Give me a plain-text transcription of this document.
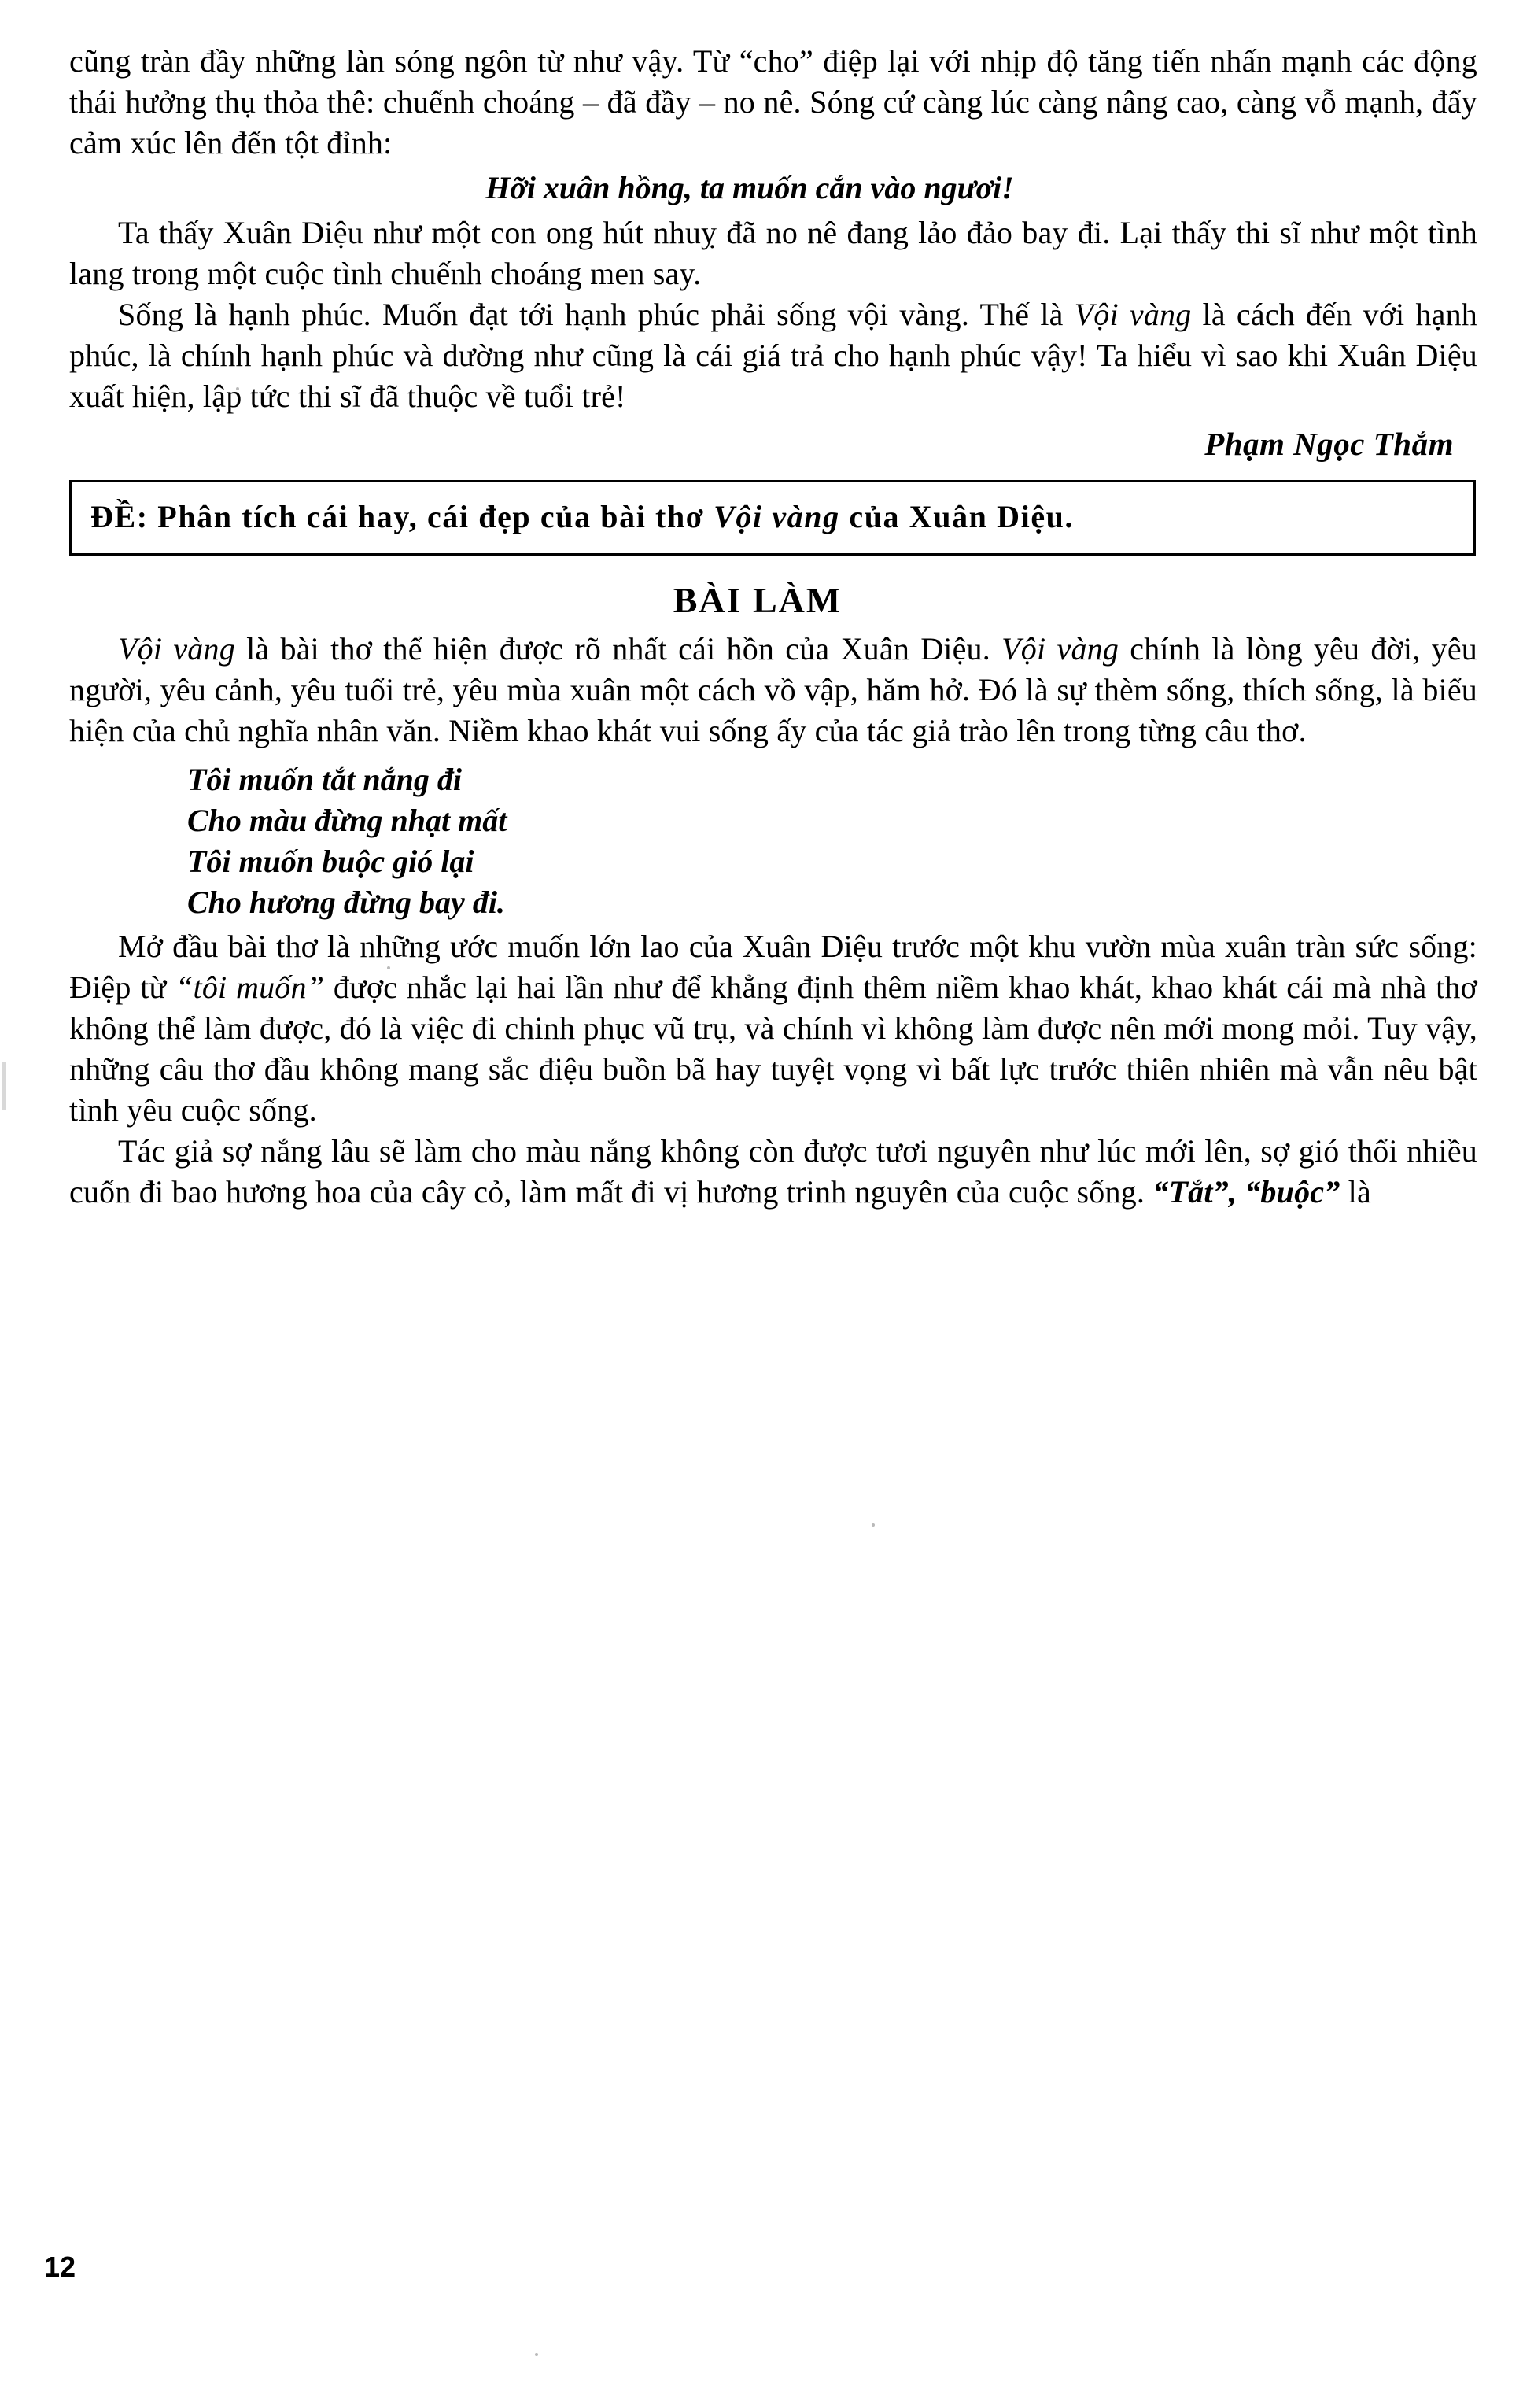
cũng tràn đầy những làn sóng ngôn từ như vậy. Từ “cho” điệp lại với nhịp độ tăng tiến nhấn mạnh các động thái hưởng thụ thỏa thê: chuếnh choáng – đã đầy – no nê. Sóng cứ càng lúc càng nâng cao, càng vỗ mạnh, đẩy cảm xúc lên đến tột đỉnh:

Hỡi xuân hồng, ta muốn cắn vào ngươi!

Ta thấy Xuân Diệu như một con ong hút nhuỵ đã no nê đang lảo đảo bay đi. Lại thấy thi sĩ như một tình lang trong một cuộc tình chuếnh choáng men say.

Sống là hạnh phúc. Muốn đạt tới hạnh phúc phải sống vội vàng. Thế là Vội vàng là cách đến với hạnh phúc, là chính hạnh phúc và dường như cũng là cái giá trả cho hạnh phúc vậy! Ta hiểu vì sao khi Xuân Diệu xuất hiện, lập tức thi sĩ đã thuộc về tuổi trẻ!

Phạm Ngọc Thắm

ĐỀ: Phân tích cái hay, cái đẹp của bài thơ Vội vàng của Xuân Diệu.

BÀI LÀM

Vội vàng là bài thơ thể hiện được rõ nhất cái hồn của Xuân Diệu. Vội vàng chính là lòng yêu đời, yêu người, yêu cảnh, yêu tuổi trẻ, yêu mùa xuân một cách vồ vập, hăm hở. Đó là sự thèm sống, thích sống, là biểu hiện của chủ nghĩa nhân văn. Niềm khao khát vui sống ấy của tác giả trào lên trong từng câu thơ.

Tôi muốn tắt nắng đi

Cho màu đừng nhạt mất

Tôi muốn buộc gió lại

Cho hương đừng bay đi.

Mở đầu bài thơ là những ước muốn lớn lao của Xuân Diệu trước một khu vườn mùa xuân tràn sức sống: Điệp từ “tôi muốn” được nhắc lại hai lần như để khẳng định thêm niềm khao khát, khao khát cái mà nhà thơ không thể làm được, đó là việc đi chinh phục vũ trụ, và chính vì không làm được nên mới mong mỏi. Tuy vậy, những câu thơ đầu không mang sắc điệu buồn bã hay tuyệt vọng vì bất lực trước thiên nhiên mà vẫn nêu bật tình yêu cuộc sống.

Tác giả sợ nắng lâu sẽ làm cho màu nắng không còn được tươi nguyên như lúc mới lên, sợ gió thổi nhiều cuốn đi bao hương hoa của cây cỏ, làm mất đi vị hương trinh nguyên của cuộc sống. “Tắt”, “buộc” là

12
